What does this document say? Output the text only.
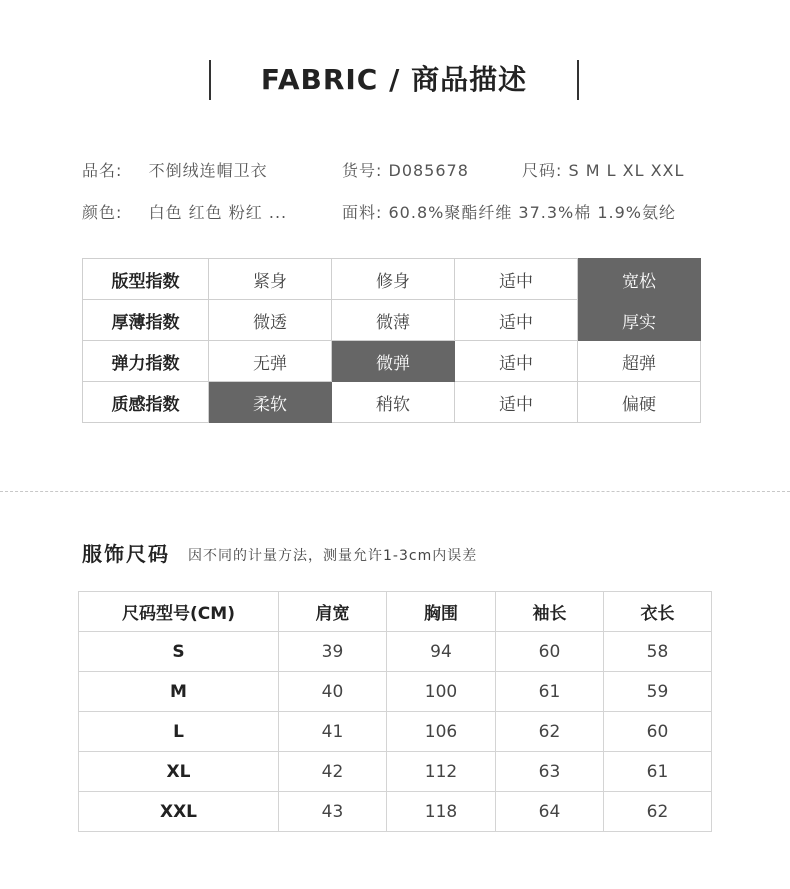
FABRIC / 商品描述
品名: 不倒绒连帽卫衣	货号: D085678	尺码: S M L XL XXL
颜色: 白色 红色 粉红 ...	面料: 60.8%聚酯纤维 37.3%棉 1.9%氨纶
版型指数	紧身	修身	适中	宽松
厚薄指数	微透	微薄	适中	厚实
弹力指数	无弹	微弹	适中	超弹
质感指数	柔软	稍软	适中	偏硬
服饰尺码 因不同的计量方法，测量允许1-3cm内误差
尺码型号(CM)	肩宽	胸围	袖长	衣长
S	39	94	60	58
M	40	100	61	59
L	41	106	62	60
XL	42	112	63	61
XXL	43	118	64	62
